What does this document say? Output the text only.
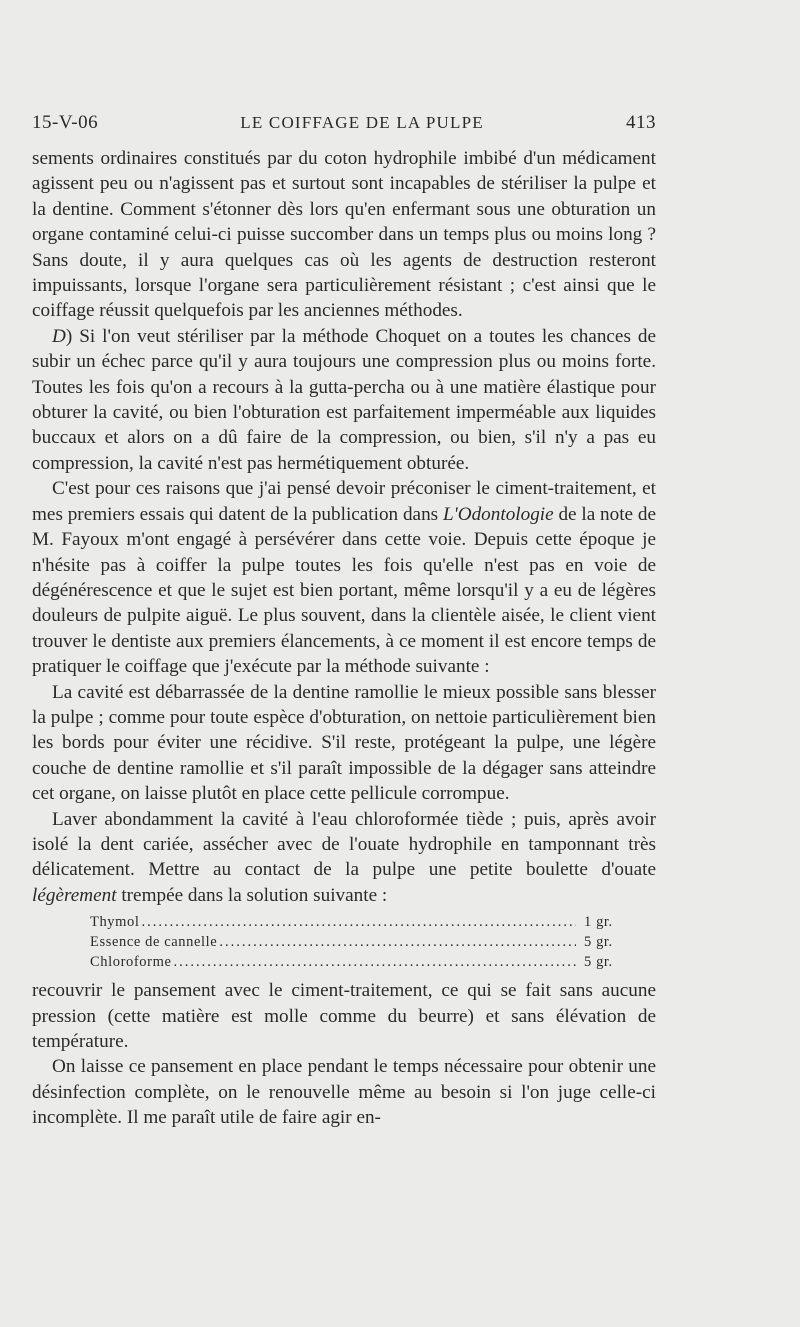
15-V-06	LE COIFFAGE DE LA PULPE	413

sements ordinaires constitués par du coton hydrophile imbibé d'un médicament agissent peu ou n'agissent pas et surtout sont incapables de stériliser la pulpe et la dentine. Comment s'étonner dès lors qu'en enfermant sous une obturation un organe contaminé celui-ci puisse succomber dans un temps plus ou moins long ? Sans doute, il y aura quelques cas où les agents de destruction resteront impuissants, lorsque l'organe sera particulièrement résistant ; c'est ainsi que le coiffage réussit quelquefois par les anciennes méthodes.

D) Si l'on veut stériliser par la méthode Choquet on a toutes les chances de subir un échec parce qu'il y aura toujours une compression plus ou moins forte. Toutes les fois qu'on a recours à la gutta-percha ou à une matière élastique pour obturer la cavité, ou bien l'obturation est parfaitement imperméable aux liquides buccaux et alors on a dû faire de la compression, ou bien, s'il n'y a pas eu compression, la cavité n'est pas hermétiquement obturée.

C'est pour ces raisons que j'ai pensé devoir préconiser le ciment-traitement, et mes premiers essais qui datent de la publication dans L'Odontologie de la note de M. Fayoux m'ont engagé à persévérer dans cette voie. Depuis cette époque je n'hésite pas à coiffer la pulpe toutes les fois qu'elle n'est pas en voie de dégénérescence et que le sujet est bien portant, même lorsqu'il y a eu de légères douleurs de pulpite aiguë. Le plus souvent, dans la clientèle aisée, le client vient trouver le dentiste aux premiers élancements, à ce moment il est encore temps de pratiquer le coiffage que j'exécute par la méthode suivante :

La cavité est débarrassée de la dentine ramollie le mieux possible sans blesser la pulpe ; comme pour toute espèce d'obturation, on nettoie particulièrement bien les bords pour éviter une récidive. S'il reste, protégeant la pulpe, une légère couche de dentine ramollie et s'il paraît impossible de la dégager sans atteindre cet organe, on laisse plutôt en place cette pellicule corrompue.

Laver abondamment la cavité à l'eau chloroformée tiède ; puis, après avoir isolé la dent cariée, assécher avec de l'ouate hydrophile en tamponnant très délicatement. Mettre au contact de la pulpe une petite boulette d'ouate légèrement trempée dans la solution suivante :

Thymol .....	1 gr.
Essence de cannelle .....	5 gr.
Chloroforme .....	5 gr.

recouvrir le pansement avec le ciment-traitement, ce qui se fait sans aucune pression (cette matière est molle comme du beurre) et sans élévation de température.

On laisse ce pansement en place pendant le temps nécessaire pour obtenir une désinfection complète, on le renouvelle même au besoin si l'on juge celle-ci incomplète. Il me paraît utile de faire agir en-
